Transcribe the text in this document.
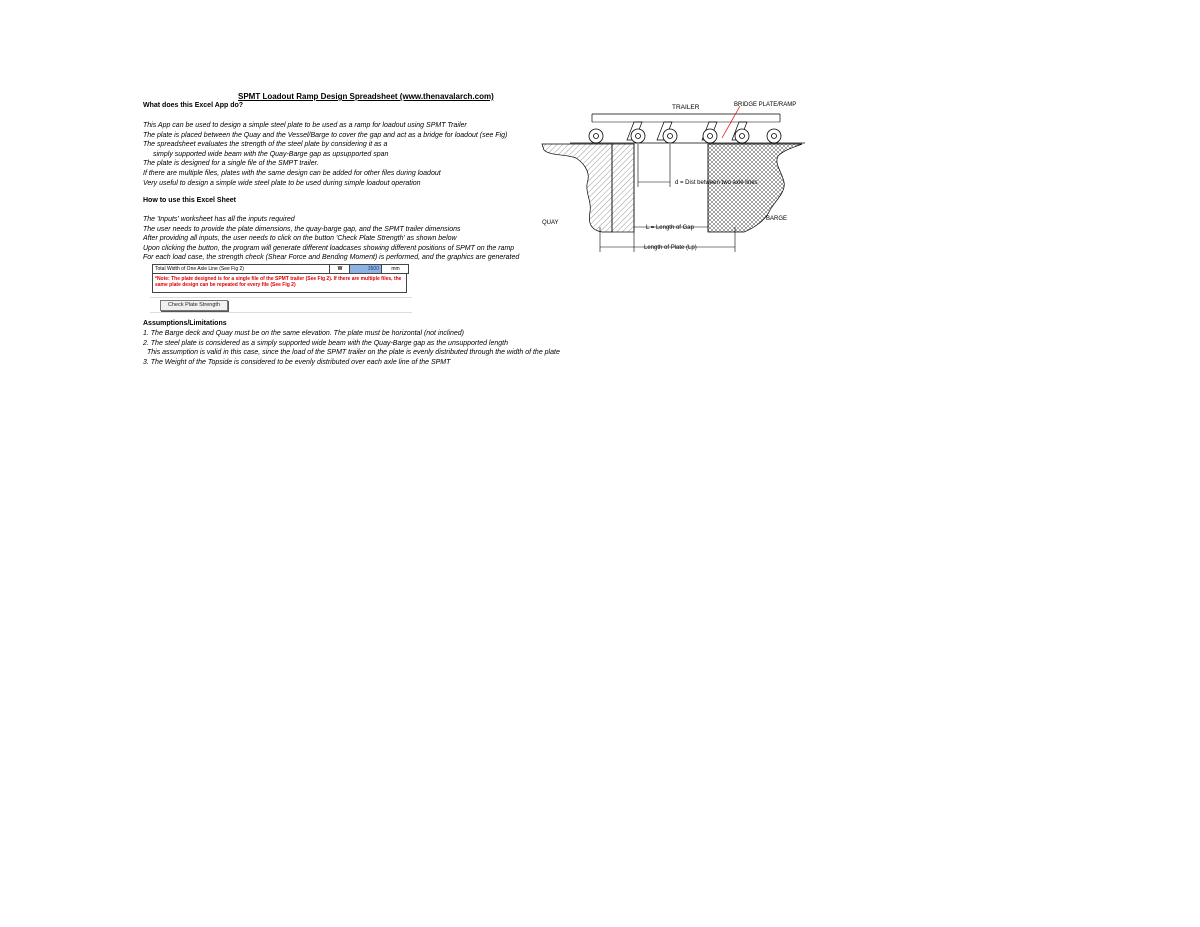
SPMT Loadout Ramp Design Spreadsheet (www.thenavalarch.com)
What does this Excel App do?
This App can be used to design a simple steel plate to be used as a ramp for loadout using SPMT Trailer
The plate is placed between the Quay and the Vessel/Barge to cover the gap and act as a bridge for loadout (see Fig)
The spreadsheet evaluates the strength of the steel plate by considering it as a
simply supported wide beam with the Quay-Barge gap as upsupported span
The plate is designed for a single file of the SMPT trailer.
If there are multiple files, plates with the same design can be added for other files during loadout
Very useful to design a simple wide steel plate to be used during simple loadout operation
How to use this Excel Sheet
The 'Inputs' worksheet has all the inputs required
The user needs to provide the plate dimensions, the quay-barge gap, and the SPMT trailer dimensions
After providing all inputs, the user needs to click on the button 'Check Plate Strength' as shown below
Upon clicking the button, the program will generate different loadcases showing different positions of SPMT on the ramp
For each load case, the strength check (Shear Force and Bending Moment) is performed, and the graphics are generated
Total Width of One Axle Line (See Fig 2)	W	3500	mm
*Note: The plate designed is for a single file of the SPMT trailer (See Fig 2). If there are multiple files, the same plate design can be repeated for every file (See Fig 2)
Check Plate Strength
Assumptions/Limitations
1. The Barge deck and Quay must be on the same elevation. The plate must be horizontal (not inclined)
2. The steel plate is considered as a simply supported wide beam with the Quay-Barge gap as the unsupported length
This assumption is valid in this case, since the load of the SPMT trailer on the plate is evenly distributed through the width of the plate
3. The Weight of the Topside is considered to be evenly distributed over each axle line of the SPMT
TRAILER	BRIDGE PLATE/RAMP
QUAY
BARGE
d = Dist between two axle lines
L = Length of Gap
Length of Plate (Lp)
